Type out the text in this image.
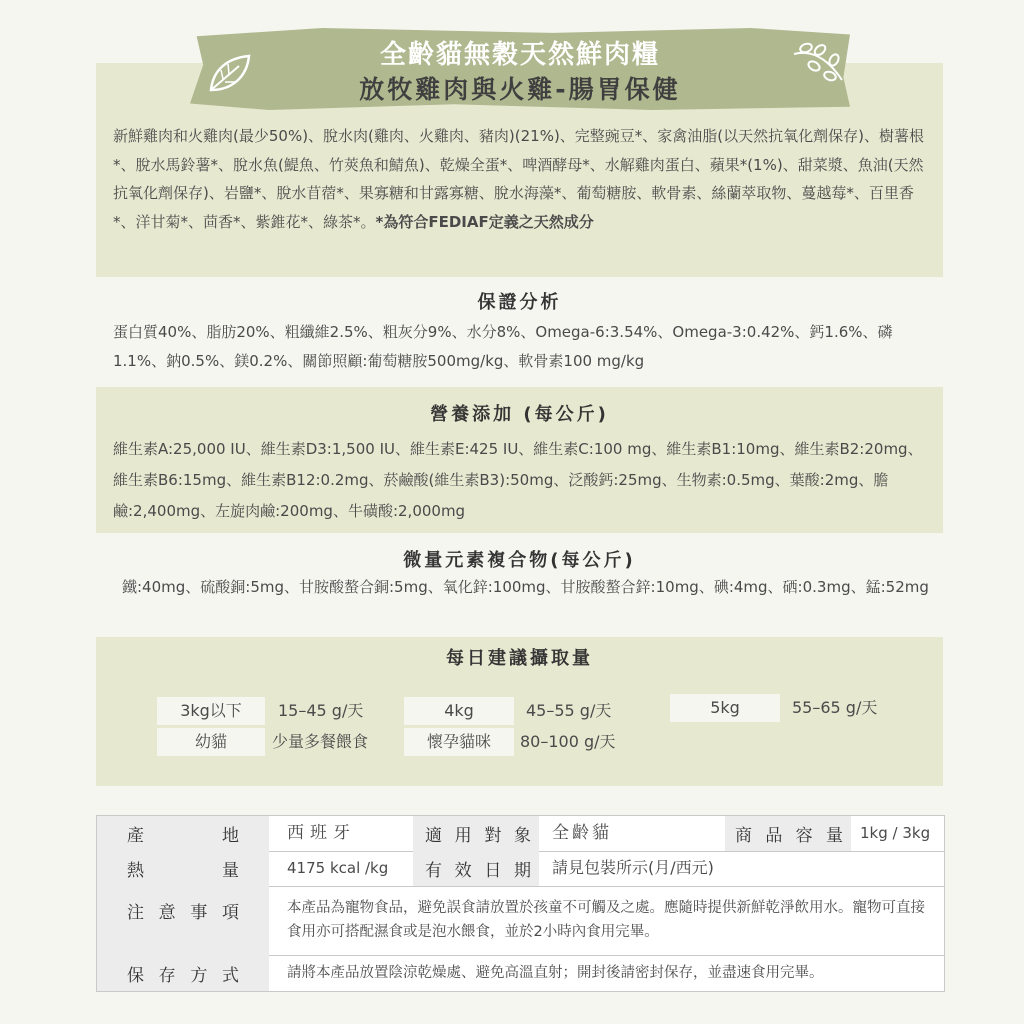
全齡貓無穀天然鮮肉糧
放牧雞肉與火雞-腸胃保健
新鮮雞肉和火雞肉(最少50%)、脫水肉(雞肉、火雞肉、豬肉)(21%)、完整豌豆*、家禽油脂(以天然抗氧化劑保存)、樹薯根*、脫水馬鈴薯*、脫水魚(鯷魚、竹莢魚和鯖魚)、乾燥全蛋*、啤酒酵母*、水解雞肉蛋白、蘋果*(1%)、甜菜漿、魚油(天然抗氧化劑保存)、岩鹽*、脫水苜蓿*、果寡糖和甘露寡糖、脫水海藻*、葡萄糖胺、軟骨素、絲蘭萃取物、蔓越莓*、百里香*、洋甘菊*、茴香*、紫錐花*、綠茶*。*為符合FEDIAF定義之天然成分
保證分析
蛋白質40%、脂肪20%、粗纖維2.5%、粗灰分9%、水分8%、Omega-6:3.54%、Omega-3:0.42%、鈣1.6%、磷1.1%、鈉0.5%、鎂0.2%、關節照顧:葡萄糖胺500mg/kg、軟骨素100 mg/kg
營養添加 (每公斤)
維生素A:25,000 IU、維生素D3:1,500 IU、維生素E:425 IU、維生素C:100 mg、維生素B1:10mg、維生素B2:20mg、維生素B6:15mg、維生素B12:0.2mg、菸鹼酸(維生素B3):50mg、泛酸鈣:25mg、生物素:0.5mg、葉酸:2mg、膽鹼:2,400mg、左旋肉鹼:200mg、牛磺酸:2,000mg
微量元素複合物(每公斤)
鐵:40mg、硫酸銅:5mg、甘胺酸螯合銅:5mg、氧化鋅:100mg、甘胺酸螯合鋅:10mg、碘:4mg、硒:0.3mg、錳:52mg
每日建議攝取量
3kg以下	15–45 g/天	4kg	45–55 g/天	5kg	55–65 g/天
幼貓	少量多餐餵食	懷孕貓咪	80–100 g/天
產地	西班牙	適用對象 全齡貓	商品容量 1kg / 3kg
熱量	4175 kcal /kg 有效日期 請見包裝所示(月/西元)
注意事項	本產品為寵物食品，避免誤食請放置於孩童不可觸及之處。應隨時提供新鮮乾淨飲用水。寵物可直接食用亦可搭配濕食或是泡水餵食，並於2小時內食用完畢。
保存方式	請將本產品放置陰涼乾燥處、避免高溫直射；開封後請密封保存，並盡速食用完畢。
